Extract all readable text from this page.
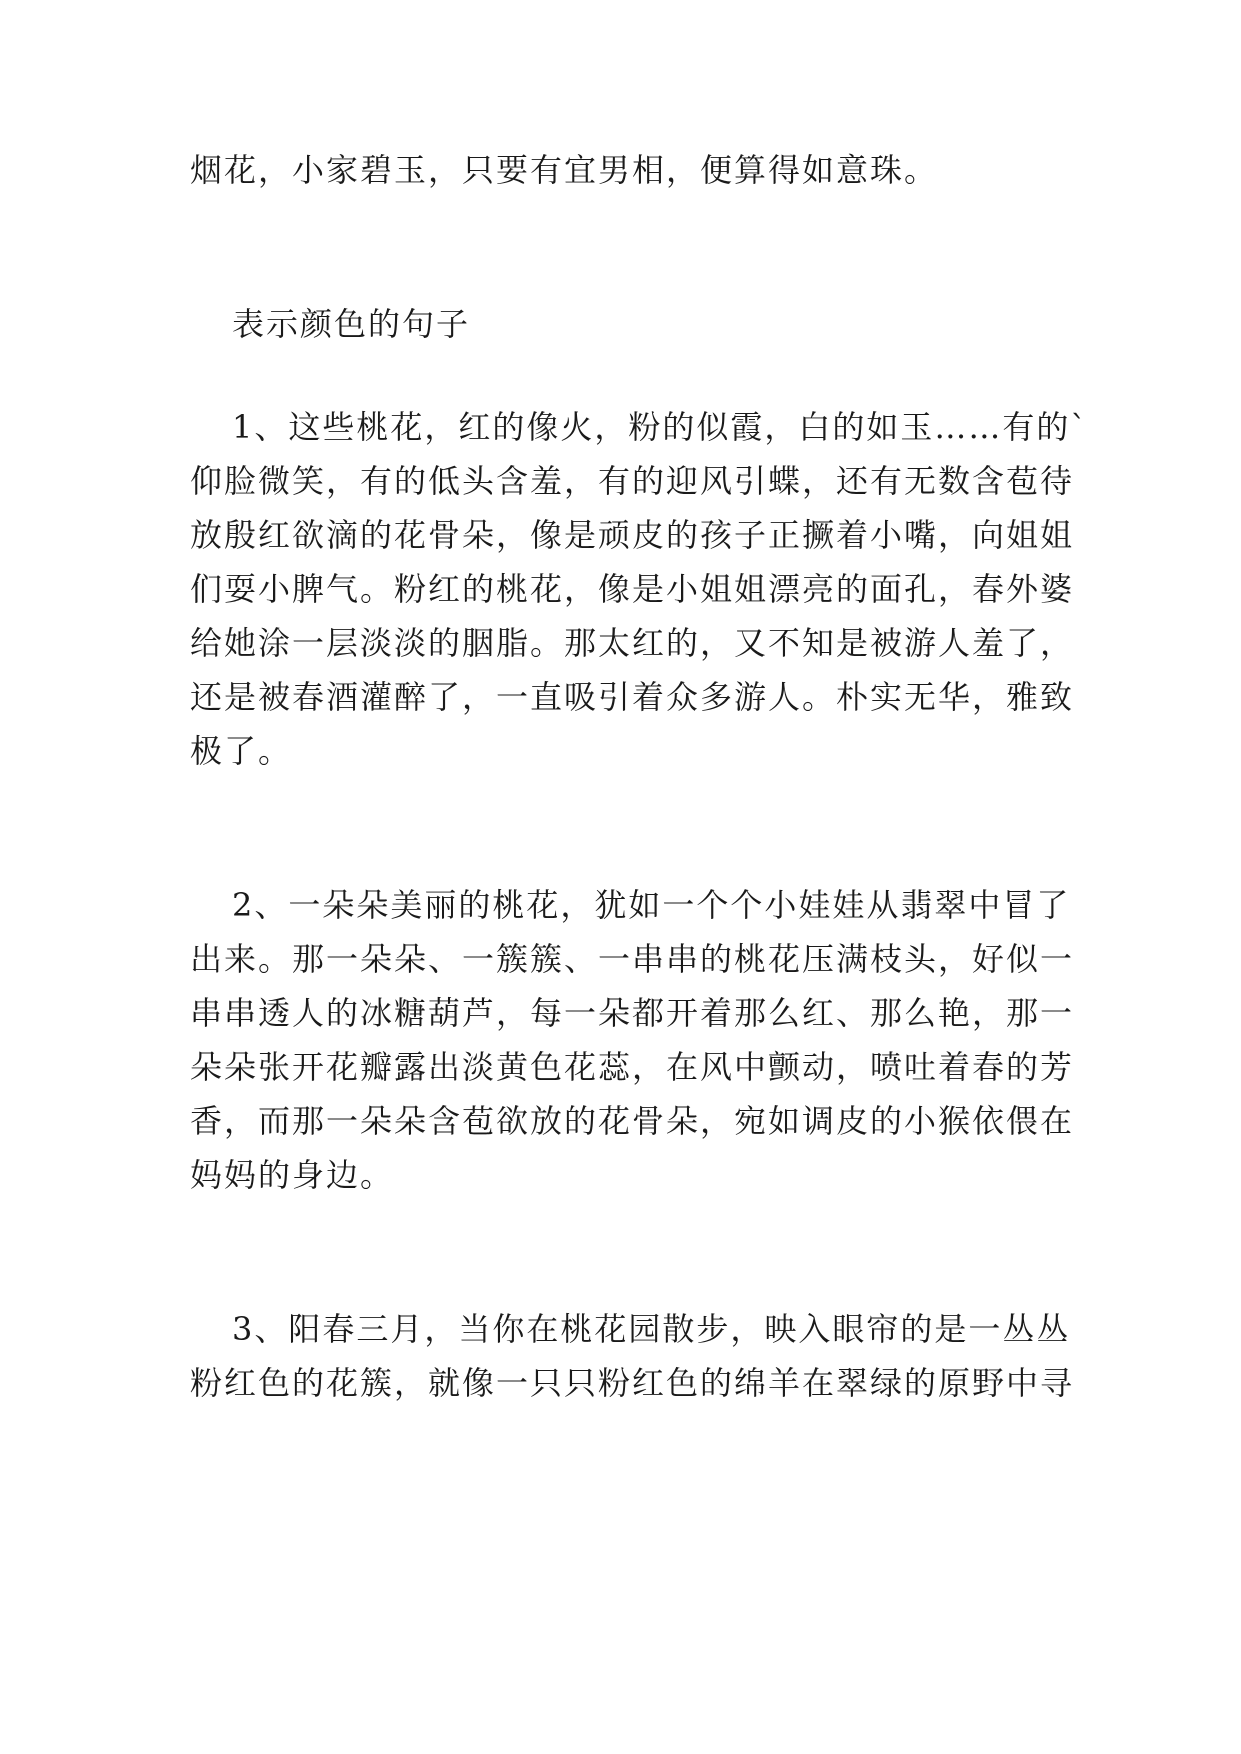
烟花，小家碧玉，只要有宜男相，便算得如意珠。
表示颜色的句子
1、这些桃花，红的像火，粉的似霞，白的如玉……有的`
仰脸微笑，有的低头含羞，有的迎风引蝶，还有无数含苞待
放殷红欲滴的花骨朵，像是顽皮的孩子正撅着小嘴，向姐姐
们耍小脾气。粉红的桃花，像是小姐姐漂亮的面孔，春外婆
给她涂一层淡淡的胭脂。那太红的，又不知是被游人羞了，
还是被春酒灌醉了，一直吸引着众多游人。朴实无华，雅致
极了。
2、一朵朵美丽的桃花，犹如一个个小娃娃从翡翠中冒了
出来。那一朵朵、一簇簇、一串串的桃花压满枝头，好似一
串串透人的冰糖葫芦，每一朵都开着那么红、那么艳，那一
朵朵张开花瓣露出淡黄色花蕊，在风中颤动，喷吐着春的芳
香，而那一朵朵含苞欲放的花骨朵，宛如调皮的小猴依偎在
妈妈的身边。
3、阳春三月，当你在桃花园散步，映入眼帘的是一丛丛
粉红色的花簇，就像一只只粉红色的绵羊在翠绿的原野中寻
